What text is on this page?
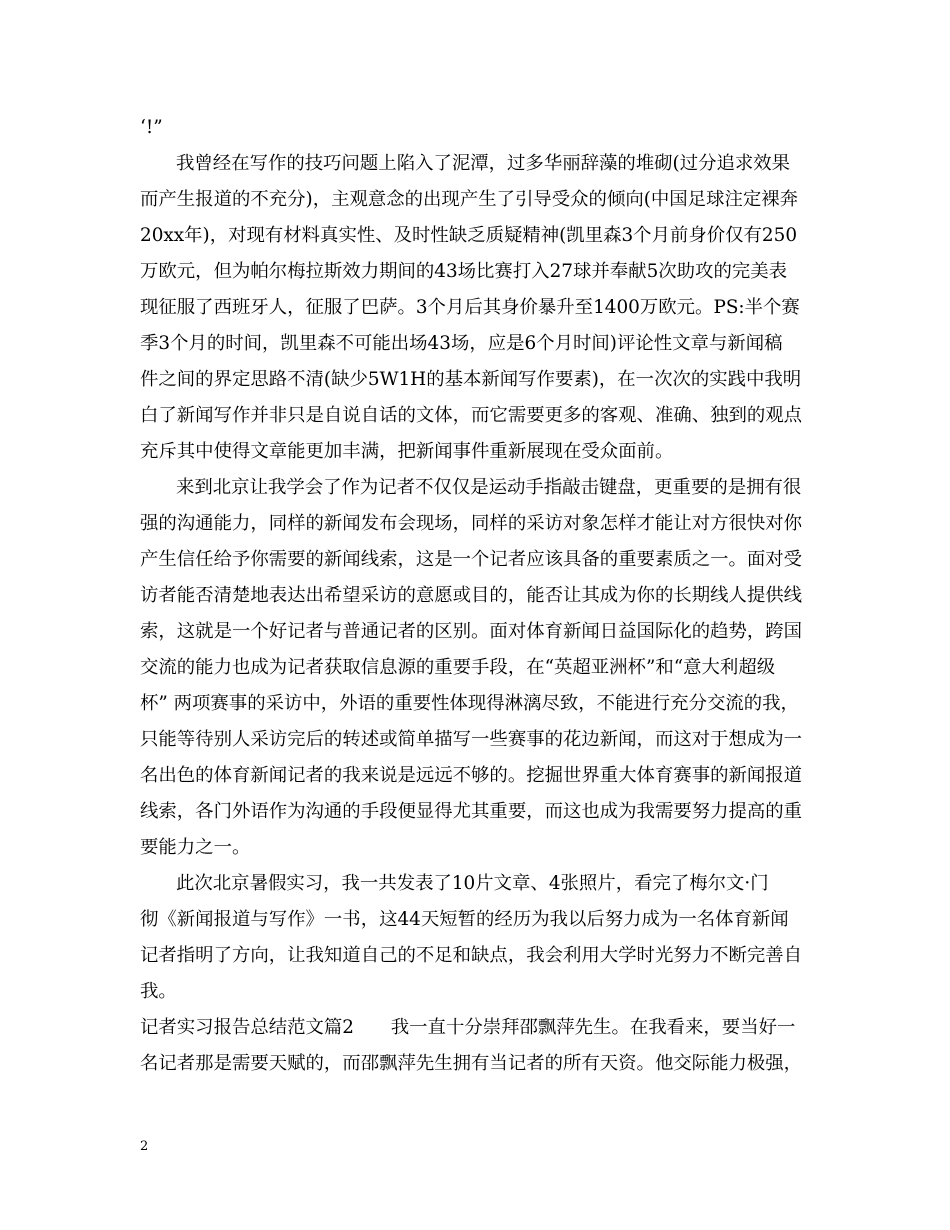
‘!”
我曾经在写作的技巧问题上陷入了泥潭，过多华丽辞藻的堆砌(过分追求效果
而产生报道的不充分)，主观意念的出现产生了引导受众的倾向(中国足球注定裸奔
20xx年)，对现有材料真实性、及时性缺乏质疑精神(凯里森3个月前身价仅有250
万欧元，但为帕尔梅拉斯效力期间的43场比赛打入27球并奉献5次助攻的完美表
现征服了西班牙人，征服了巴萨。3个月后其身价暴升至1400万欧元。PS:半个赛
季3个月的时间，凯里森不可能出场43场，应是6个月时间)评论性文章与新闻稿
件之间的界定思路不清(缺少5W1H的基本新闻写作要素)，在一次次的实践中我明
白了新闻写作并非只是自说自话的文体，而它需要更多的客观、准确、独到的观点
充斥其中使得文章能更加丰满，把新闻事件重新展现在受众面前。
来到北京让我学会了作为记者不仅仅是运动手指敲击键盘，更重要的是拥有很
强的沟通能力，同样的新闻发布会现场，同样的采访对象怎样才能让对方很快对你
产生信任给予你需要的新闻线索，这是一个记者应该具备的重要素质之一。面对受
访者能否清楚地表达出希望采访的意愿或目的，能否让其成为你的长期线人提供线
索，这就是一个好记者与普通记者的区别。面对体育新闻日益国际化的趋势，跨国
交流的能力也成为记者获取信息源的重要手段，在“英超亚洲杯”和“意大利超级
杯” 两项赛事的采访中，外语的重要性体现得淋漓尽致，不能进行充分交流的我，
只能等待别人采访完后的转述或简单描写一些赛事的花边新闻，而这对于想成为一
名出色的体育新闻记者的我来说是远远不够的。挖掘世界重大体育赛事的新闻报道
线索，各门外语作为沟通的手段便显得尤其重要，而这也成为我需要努力提高的重
要能力之一。
此次北京暑假实习，我一共发表了10片文章、4张照片，看完了梅尔文·门
彻《新闻报道与写作》一书，这44天短暂的经历为我以后努力成为一名体育新闻
记者指明了方向，让我知道自己的不足和缺点，我会利用大学时光努力不断完善自
我。
记者实习报告总结范文篇2　　我一直十分崇拜邵飘萍先生。在我看来，要当好一
名记者那是需要天赋的，而邵飘萍先生拥有当记者的所有天资。他交际能力极强，
2
